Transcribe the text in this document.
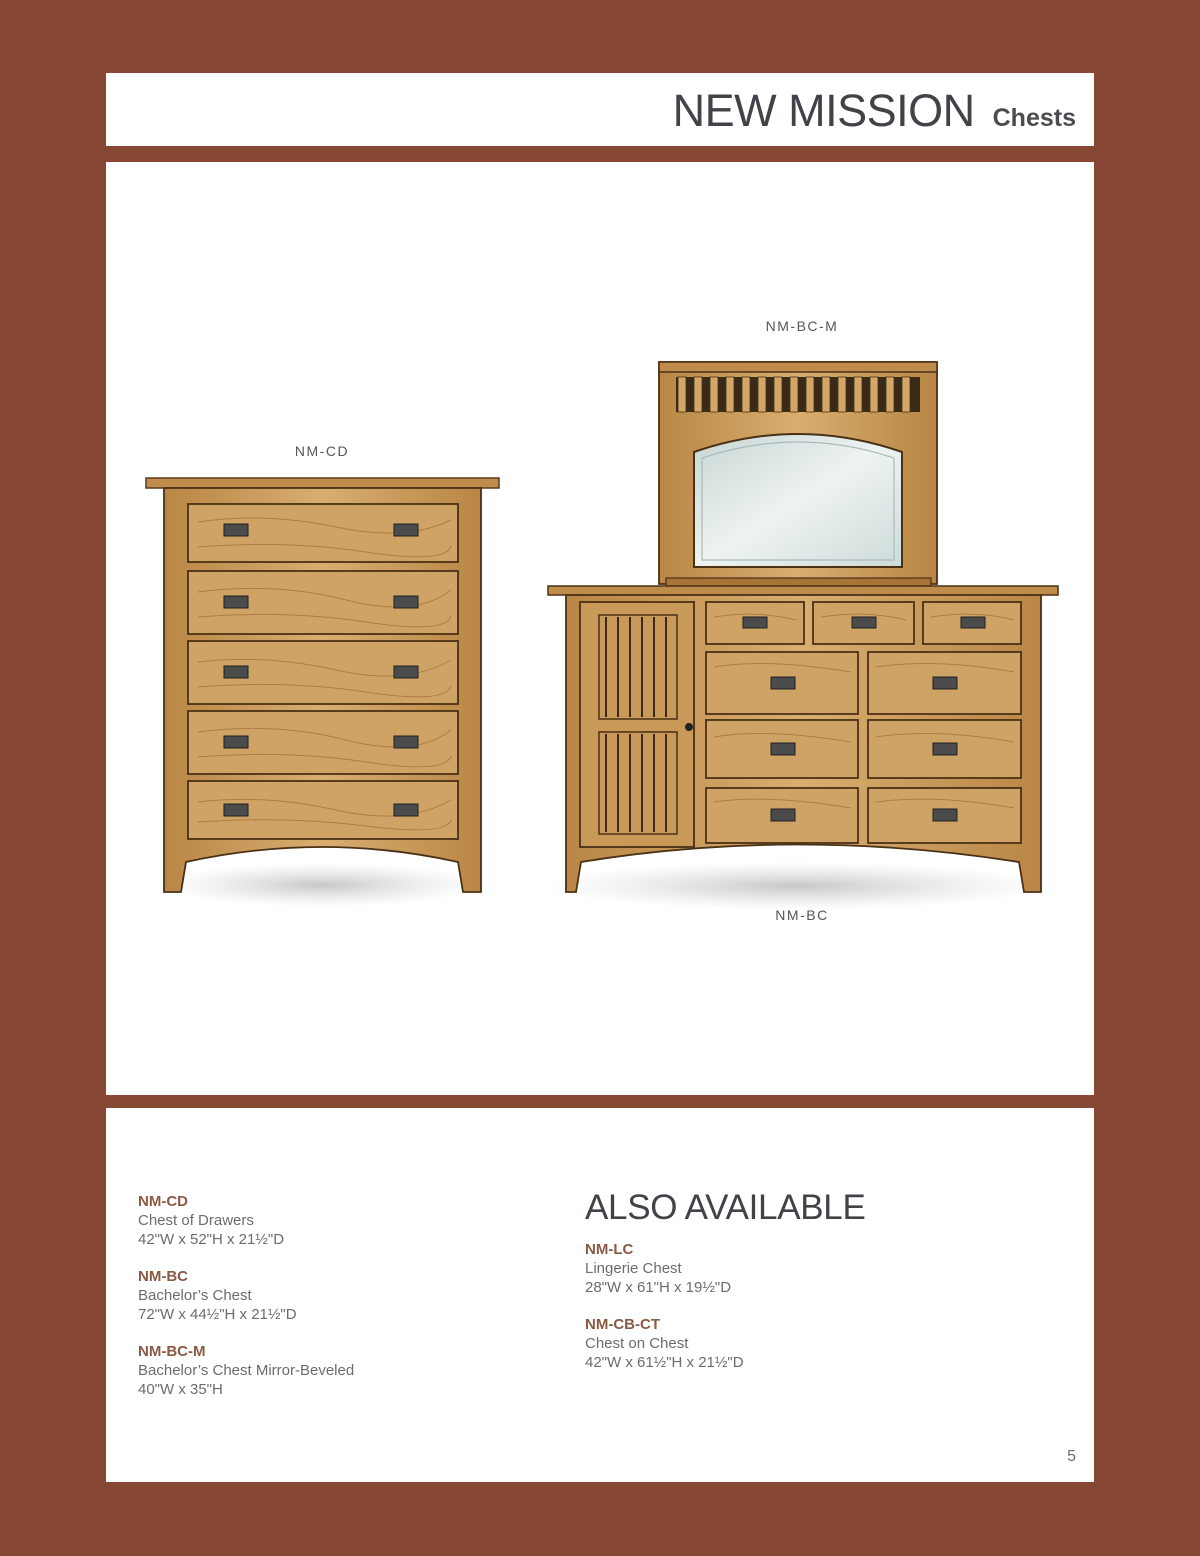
NEW MISSION Chests
NM-CD
NM-BC-M
NM-BC
NM-CD
Chest of Drawers
42"W x 52"H x 21½"D
NM-BC
Bachelor’s Chest
72"W x 44½"H x 21½"D
NM-BC-M
Bachelor’s Chest Mirror-Beveled
40"W x 35"H
ALSO AVAILABLE
NM-LC
Lingerie Chest
28"W x 61"H x 19½"D
NM-CB-CT
Chest on Chest
42"W x 61½"H x 21½"D
5
